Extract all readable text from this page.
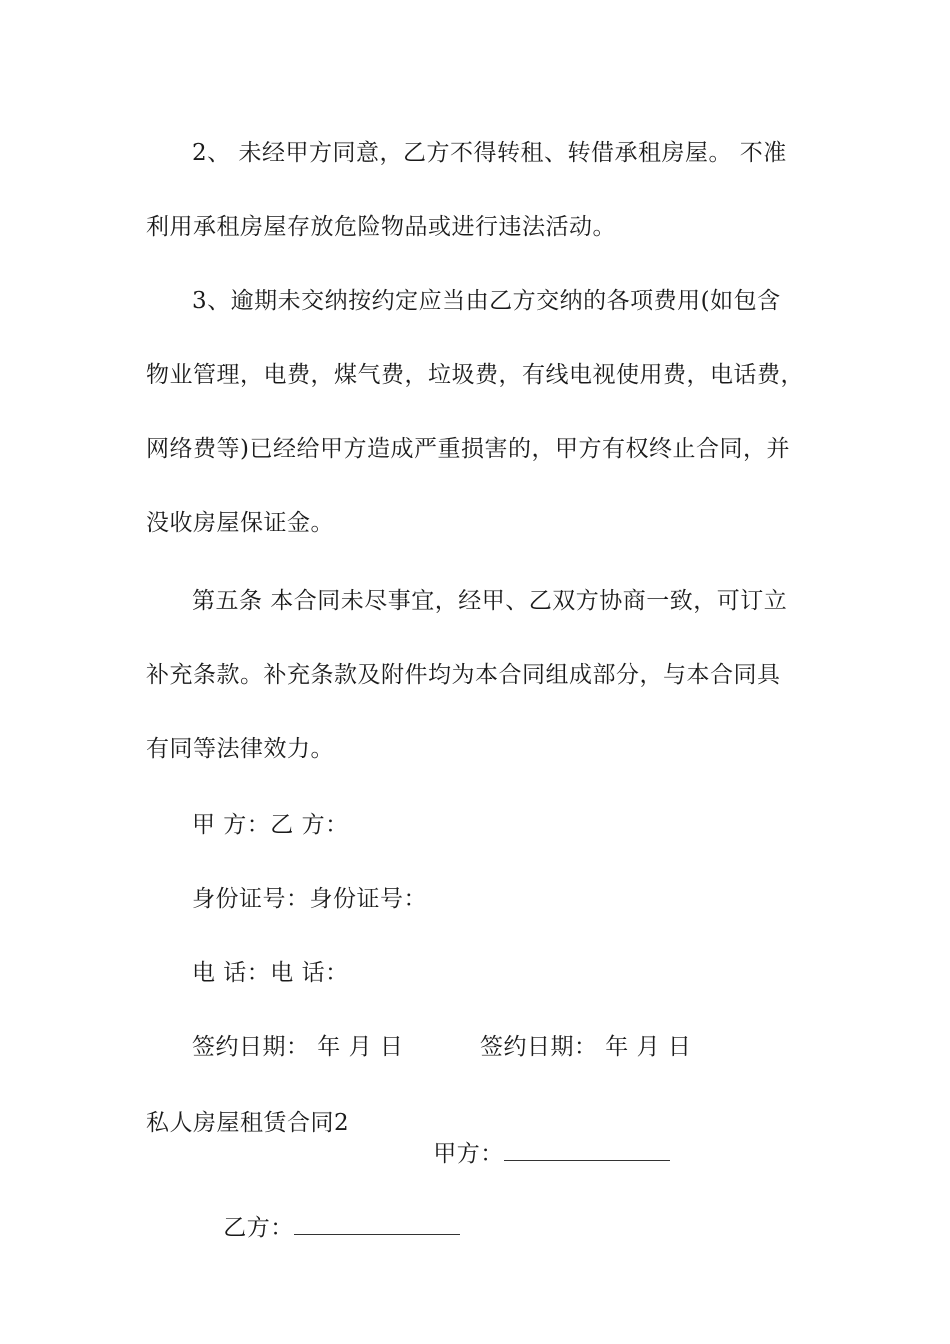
2、 未经甲方同意，乙方不得转租、转借承租房屋。 不准
利用承租房屋存放危险物品或进行违法活动。
3、逾期未交纳按约定应当由乙方交纳的各项费用(如包含
物业管理，电费，煤气费，垃圾费，有线电视使用费，电话费，
网络费等)已经给甲方造成严重损害的，甲方有权终止合同，并
没收房屋保证金。
第五条 本合同未尽事宜，经甲、乙双方协商一致，可订立
补充条款。补充条款及附件均为本合同组成部分，与本合同具
有同等法律效力。
甲 方：乙 方：
身份证号：身份证号：
电 话：电 话：
签约日期： 年 月 日	签约日期： 年 月 日
私人房屋租赁合同2

甲方：

乙方：
